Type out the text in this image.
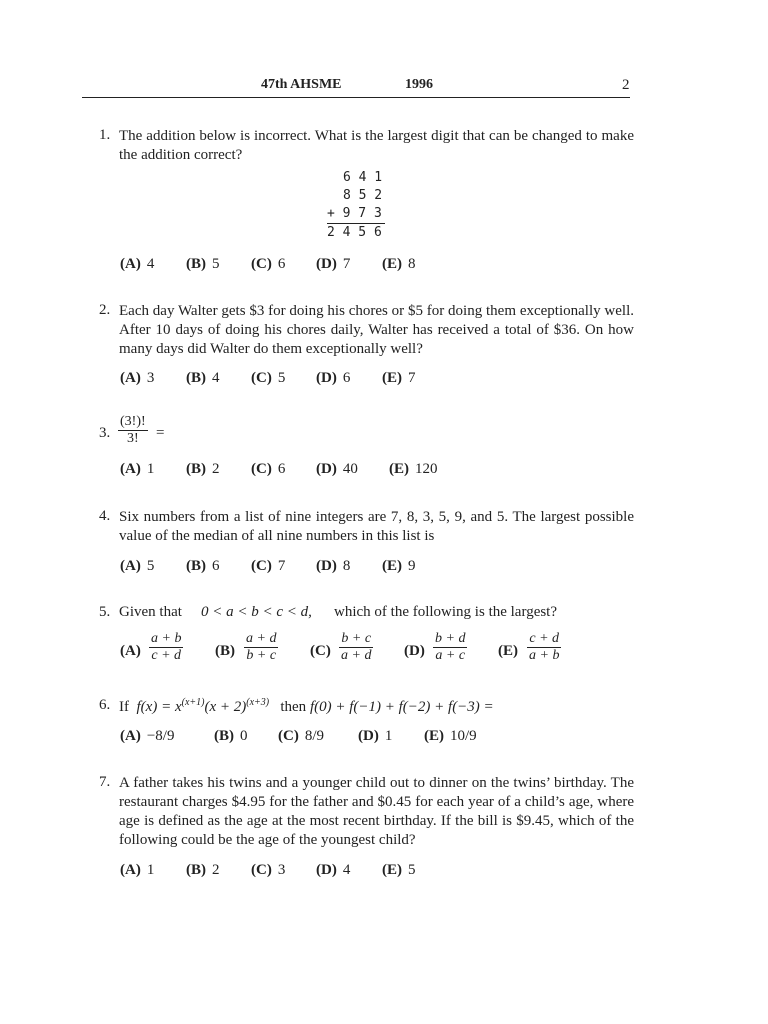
47th AHSME	1996	2
1. The addition below is incorrect. What is the largest digit that can be changed to make the addition correct?
6 4 1
8 5 2
+ 9 7 3
2 4 5 6
(A) 4 (B) 5 (C) 6 (D) 7 (E) 8
2. Each day Walter gets $3 for doing his chores or $5 for doing them exceptionally well. After 10 days of doing his chores daily, Walter has received a total of $36. On how many days did Walter do them exceptionally well?
(A) 3 (B) 4 (C) 5 (D) 6 (E) 7
3. $\frac{(3!)!}{3!}$ =
(A) 1 (B) 2 (C) 6 (D) 40 (E) 120
4. Six numbers from a list of nine integers are 7, 8, 3, 5, 9, and 5. The largest possible value of the median of all nine numbers in this list is
(A) 5 (B) 6 (C) 7 (D) 8 (E) 9
5. Given that 0 < a < b < c < d, which of the following is the largest?
$(A) \frac{a + b}{c + d} (B) \frac{a + d}{b + c} (C) \frac{b + c}{a + d} (D) \frac{b + d}{a + c} (E) \frac{c + d}{a + b}$
6. If $f(x) = x^{(x+1)}(x + 2)^{(x+3)}$ then f(0) + f(−1) + f(−2) + f(−3) =
(A) −8/9	(B) 0 (C) 8/9 (D) 1 (E) 10/9
7. A father takes his twins and a younger child out to dinner on the twins’ birthday. The restaurant charges $4.95 for the father and $0.45 for each year of a child’s age, where age is defined as the age at the most recent birthday. If the bill is $9.45, which of the following could be the age of the youngest child?
(A) 1 (B) 2 (C) 3 (D) 4 (E) 5
